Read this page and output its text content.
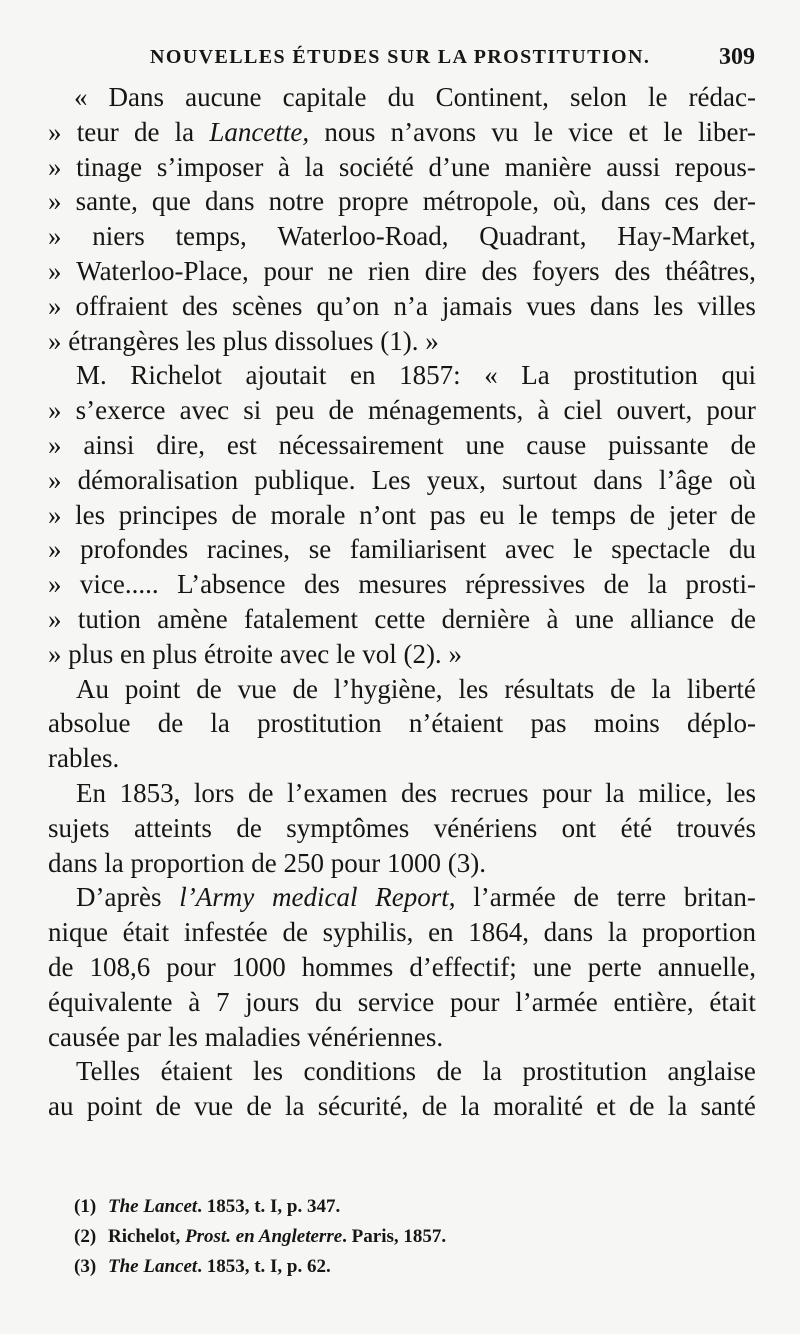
NOUVELLES ÉTUDES SUR LA PROSTITUTION.	309
« Dans aucune capitale du Continent, selon le rédac-
» teur de la Lancette, nous n’avons vu le vice et le liber-
» tinage s’imposer à la société d’une manière aussi repous-
» sante, que dans notre propre métropole, où, dans ces der-
» niers temps, Waterloo-Road, Quadrant, Hay-Market,
» Waterloo-Place, pour ne rien dire des foyers des théâtres,
» offraient des scènes qu’on n’a jamais vues dans les villes
» étrangères les plus dissolues (1). »
M. Richelot ajoutait en 1857: « La prostitution qui
» s’exerce avec si peu de ménagements, à ciel ouvert, pour
» ainsi dire, est nécessairement une cause puissante de
» démoralisation publique. Les yeux, surtout dans l’âge où
» les principes de morale n’ont pas eu le temps de jeter de
» profondes racines, se familiarisent avec le spectacle du
» vice..... L’absence des mesures répressives de la prosti-
» tution amène fatalement cette dernière à une alliance de
» plus en plus étroite avec le vol (2). »
Au point de vue de l’hygiène, les résultats de la liberté
absolue de la prostitution n’étaient pas moins déplo-
rables.
En 1853, lors de l’examen des recrues pour la milice, les
sujets atteints de symptômes vénériens ont été trouvés
dans la proportion de 250 pour 1000 (3).
D’après l’Army medical Report, l’armée de terre britan-
nique était infestée de syphilis, en 1864, dans la proportion
de 108,6 pour 1000 hommes d’effectif; une perte annuelle,
équivalente à 7 jours du service pour l’armée entière, était
causée par les maladies vénériennes.
Telles étaient les conditions de la prostitution anglaise
au point de vue de la sécurité, de la moralité et de la santé
(1) The Lancet. 1853, t. I, p. 347.
(2) Richelot, Prost. en Angleterre. Paris, 1857.
(3) The Lancet. 1853, t. I, p. 62.
